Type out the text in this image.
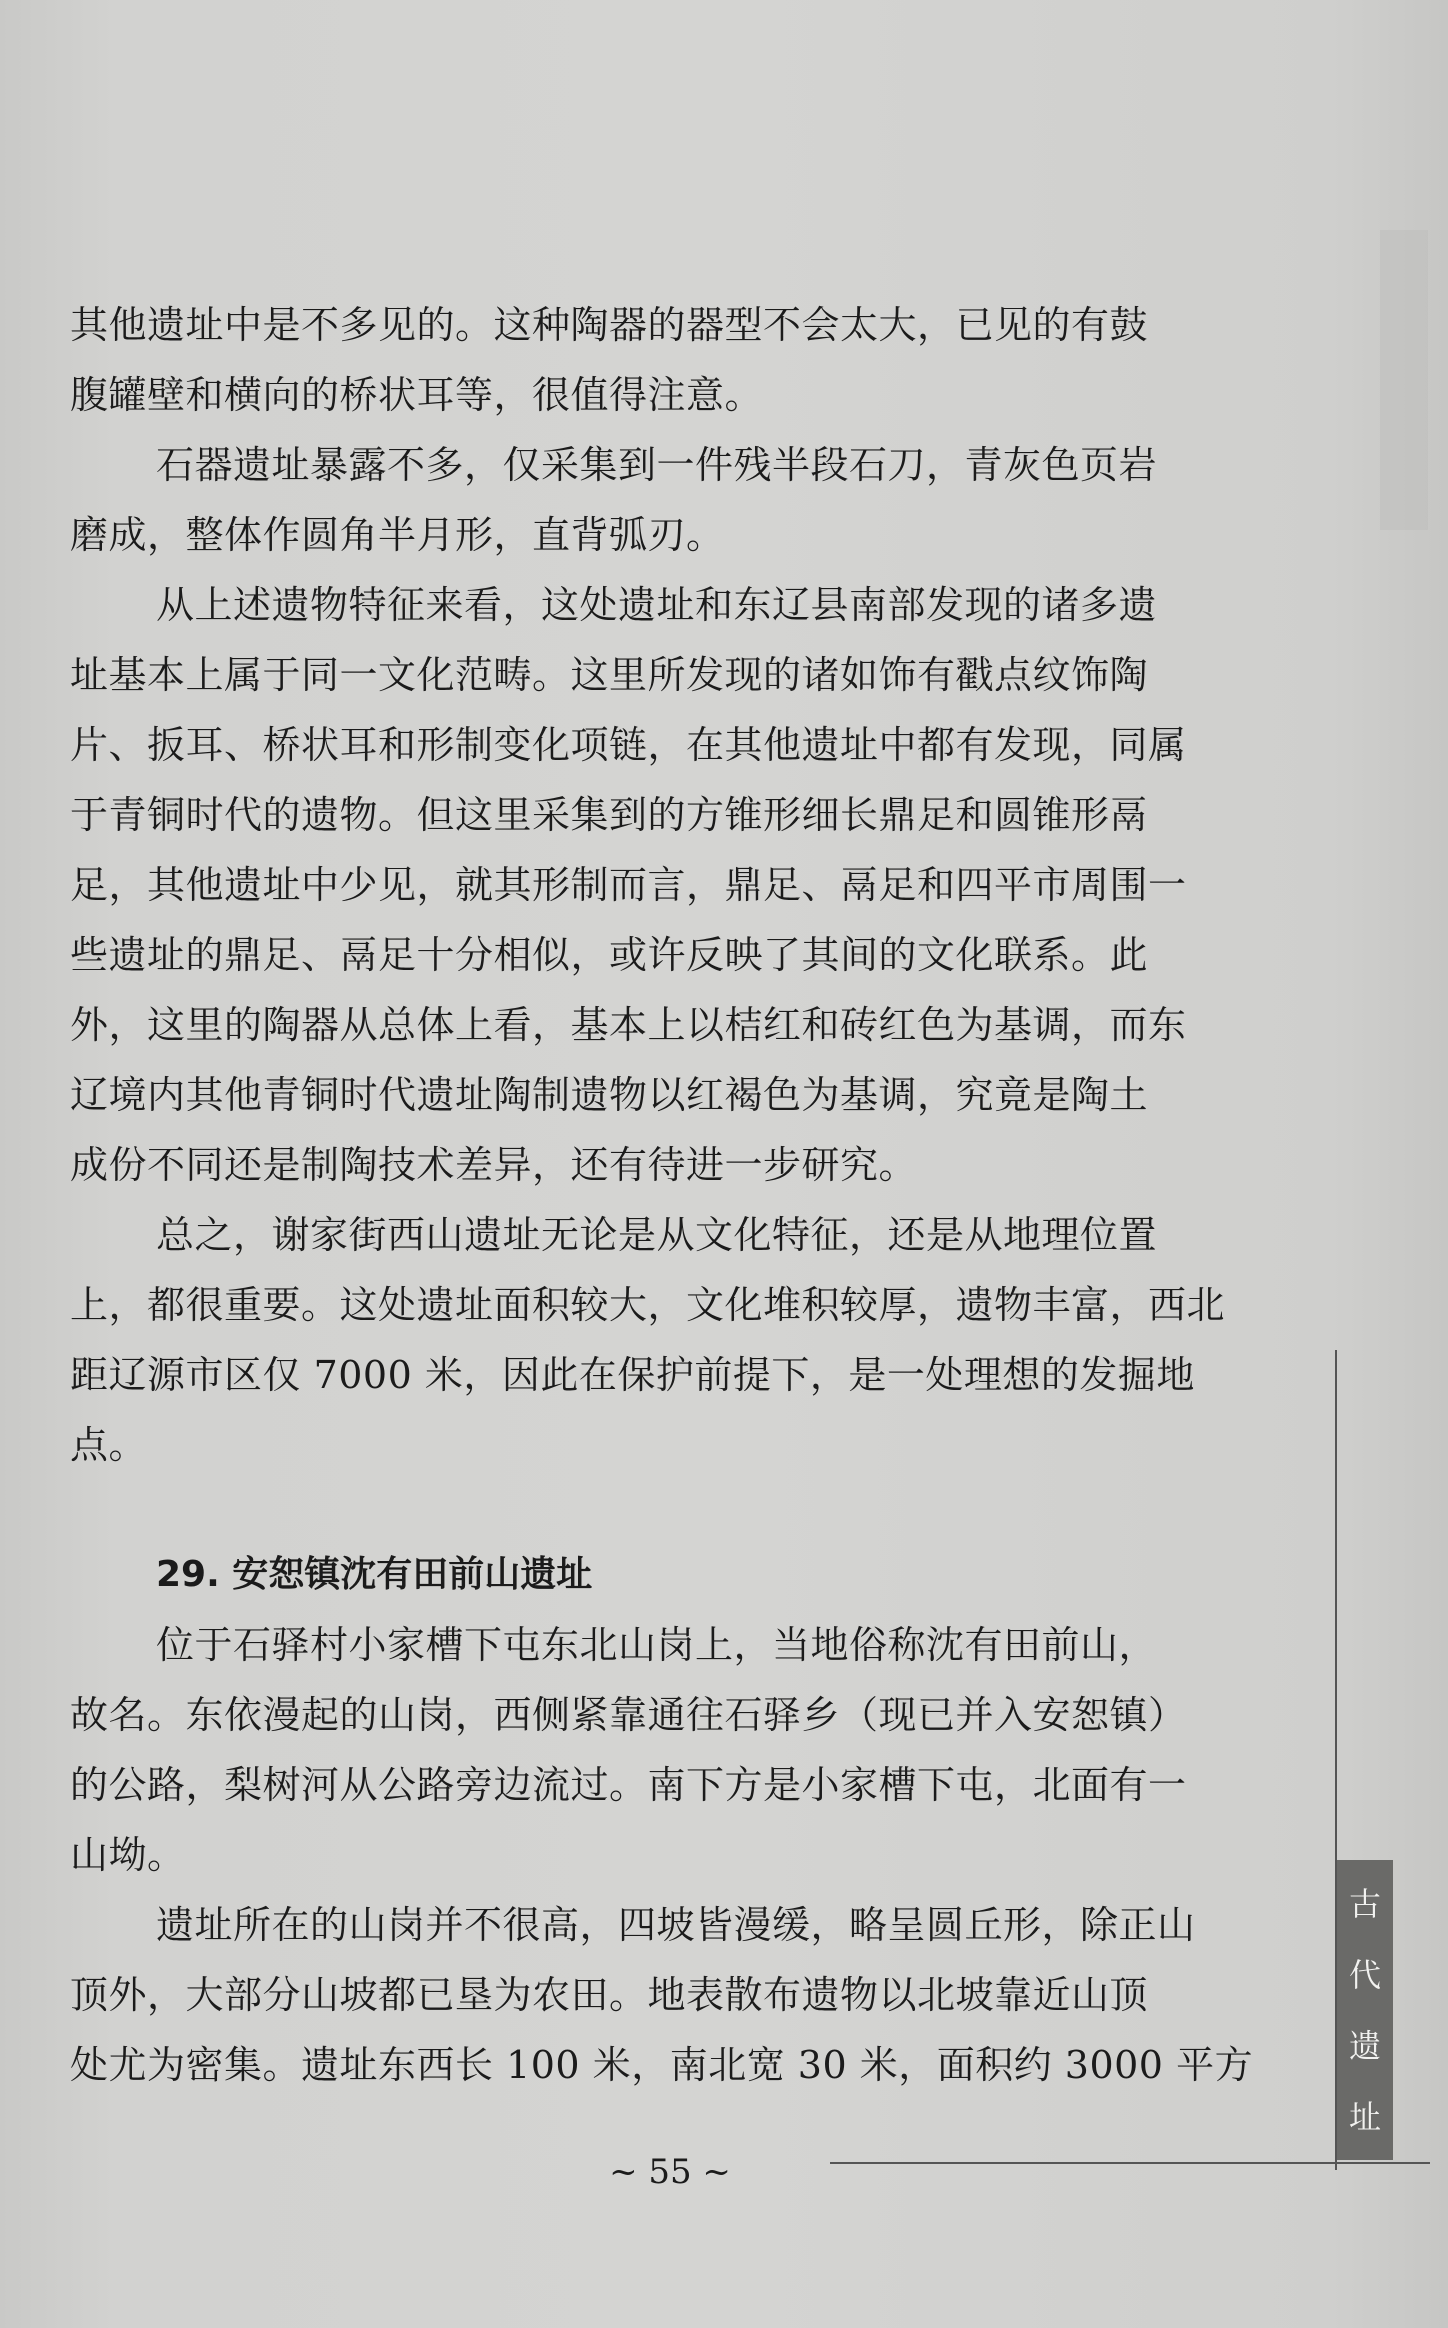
其他遗址中是不多见的。这种陶器的器型不会太大，已见的有鼓
腹罐壁和横向的桥状耳等，很值得注意。
石器遗址暴露不多，仅采集到一件残半段石刀，青灰色页岩
磨成，整体作圆角半月形，直背弧刃。
从上述遗物特征来看，这处遗址和东辽县南部发现的诸多遗
址基本上属于同一文化范畴。这里所发现的诸如饰有戳点纹饰陶
片、扳耳、桥状耳和形制变化项链，在其他遗址中都有发现，同属
于青铜时代的遗物。但这里采集到的方锥形细长鼎足和圆锥形鬲
足，其他遗址中少见，就其形制而言，鼎足、鬲足和四平市周围一
些遗址的鼎足、鬲足十分相似，或许反映了其间的文化联系。此
外，这里的陶器从总体上看，基本上以桔红和砖红色为基调，而东
辽境内其他青铜时代遗址陶制遗物以红褐色为基调，究竟是陶土
成份不同还是制陶技术差异，还有待进一步研究。
总之，谢家街西山遗址无论是从文化特征，还是从地理位置
上，都很重要。这处遗址面积较大，文化堆积较厚，遗物丰富，西北
距辽源市区仅 7000 米，因此在保护前提下，是一处理想的发掘地
点。
29. 安恕镇沈有田前山遗址
位于石驿村小家槽下屯东北山岗上，当地俗称沈有田前山，
故名。东依漫起的山岗，西侧紧靠通往石驿乡（现已并入安恕镇）
的公路，梨树河从公路旁边流过。南下方是小家槽下屯，北面有一
山坳。
遗址所在的山岗并不很高，四坡皆漫缓，略呈圆丘形，除正山
顶外，大部分山坡都已垦为农田。地表散布遗物以北坡靠近山顶
处尤为密集。遗址东西长 100 米，南北宽 30 米，面积约 3000 平方
古
代
遗
址
~ 55 ~
